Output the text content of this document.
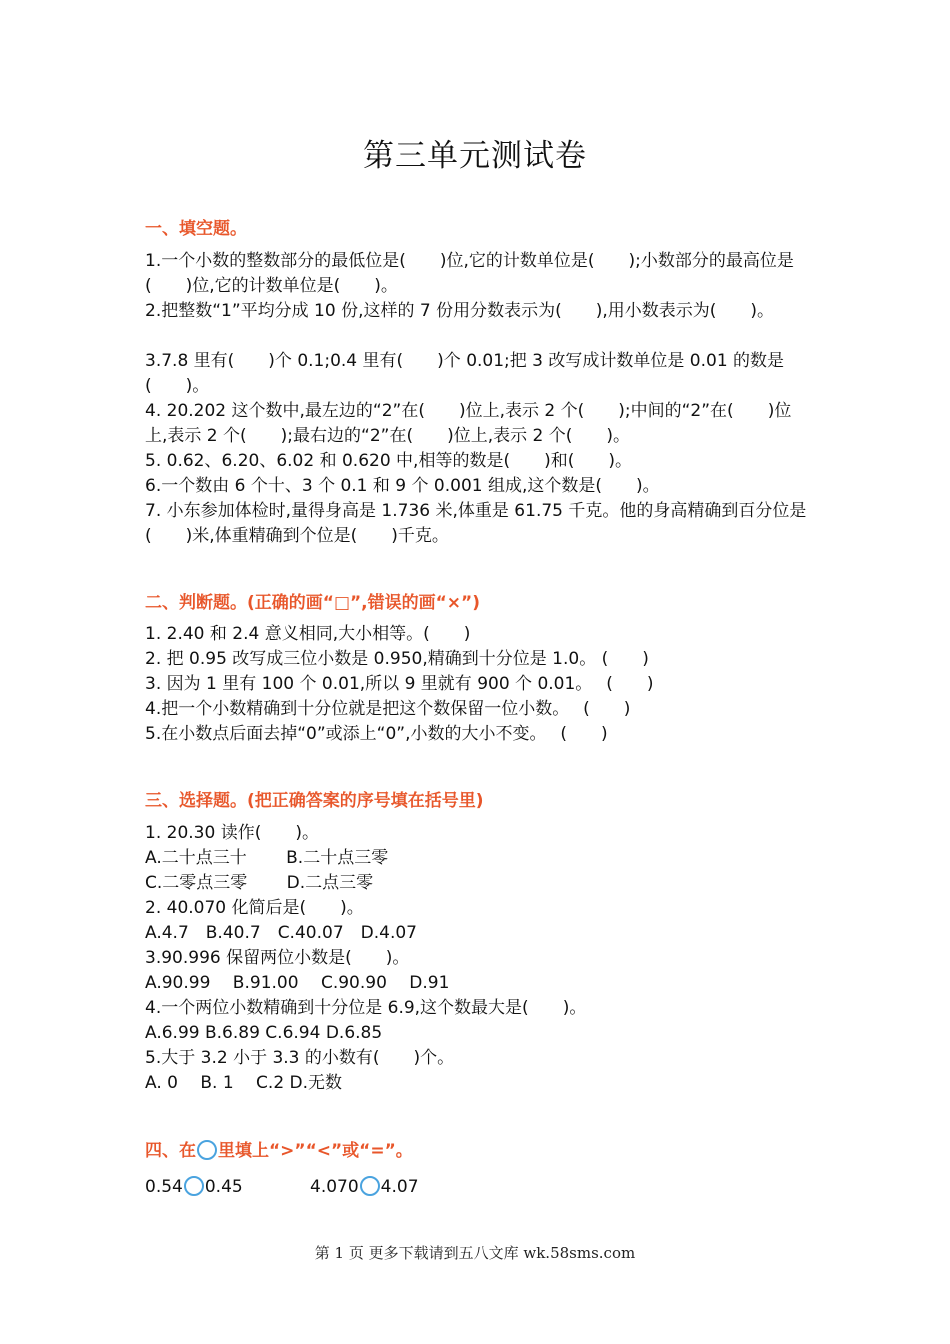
第三单元测试卷
一、填空题。
1.一个小数的整数部分的最低位是(　　)位,它的计数单位是(　　);小数部分的最高位是(　　)位,它的计数单位是(　　)。
2.把整数“1”平均分成 10 份,这样的 7 份用分数表示为(　　),用小数表示为(　　)。
3.7.8 里有(　　)个 0.1;0.4 里有(　　)个 0.01;把 3 改写成计数单位是 0.01 的数是(　　)。
4. 20.202 这个数中,最左边的“2”在(　　)位上,表示 2 个(　　);中间的“2”在(　　)位上,表示 2 个(　　);最右边的“2”在(　　)位上,表示 2 个(　　)。
5. 0.62、6.20、6.02 和 0.620 中,相等的数是(　　)和(　　)。
6.一个数由 6 个十、3 个 0.1 和 9 个 0.001 组成,这个数是(　　)。
7. 小东参加体检时,量得身高是 1.736 米,体重是 61.75 千克。他的身高精确到百分位是(　　)米,体重精确到个位是(　　)千克。
二、判断题。(正确的画“□”,错误的画“×”)
1. 2.40 和 2.4 意义相同,大小相等。(　　)
2. 把 0.95 改写成三位小数是 0.950,精确到十分位是 1.0。 (　　)
3. 因为 1 里有 100 个 0.01,所以 9 里就有 900 个 0.01。　 (　　)
4.把一个小数精确到十分位就是把这个数保留一位小数。　 (　　)
5.在小数点后面去掉“0”或添上“0”,小数的大小不变。　 (　　)
三、选择题。(把正确答案的序号填在括号里)
1. 20.30 读作(　　)。
A.二十点三十　　 B.二十点三零
C.二零点三零　　 D.二点三零
2. 40.070 化简后是(　　)。
A.4.7　B.40.7　C.40.07　D.4.07
3.90.996 保留两位小数是(　　)。
A.90.99　 B.91.00　 C.90.90　 D.91
4.一个两位小数精确到十分位是 6.9,这个数最大是(　　)。
A.6.99 B.6.89 C.6.94 D.6.85
5.大于 3.2 小于 3.3 的小数有(　　)个。
A. 0　 B. 1　 C.2 D.无数
四、在 里填上“>”“<”或“=”。
0.54 0.45	4.070 4.07
第 1 页 更多下载请到五八文库 wk.58sms.com
